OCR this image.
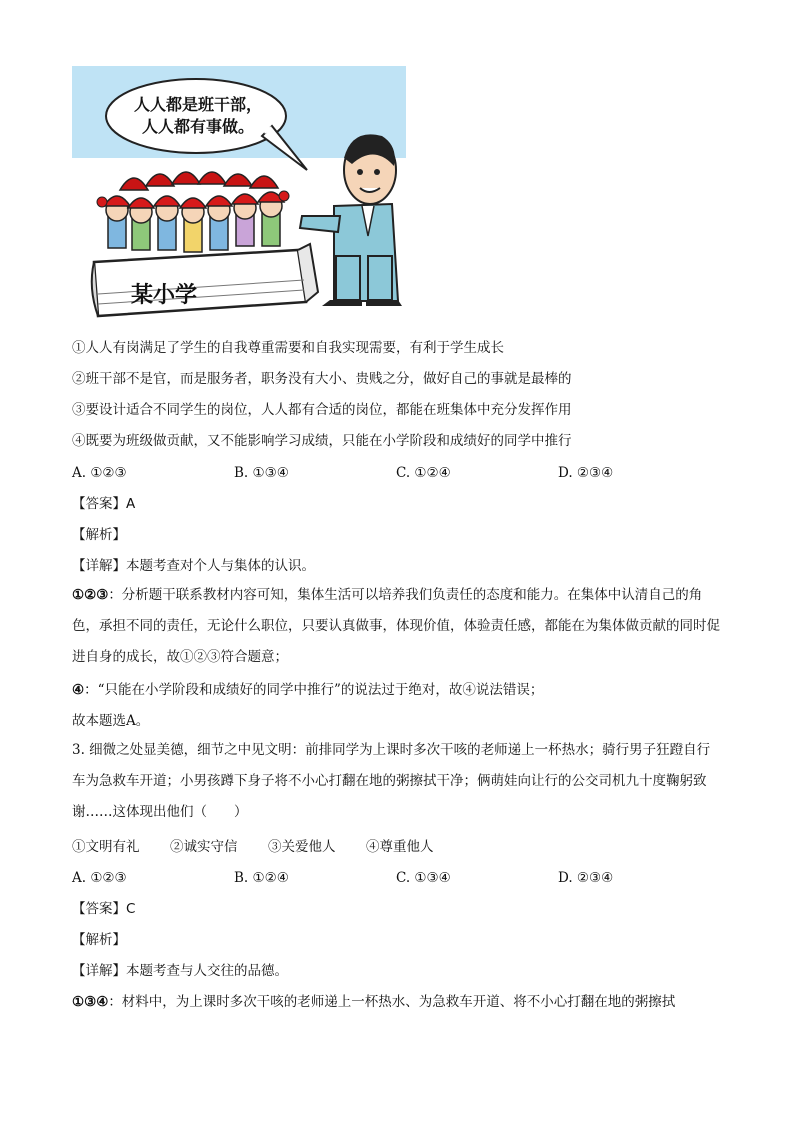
人人都是班干部，
人人都有事做。
某小学
①人人有岗满足了学生的自我尊重需要和自我实现需要，有利于学生成长
②班干部不是官，而是服务者，职务没有大小、贵贱之分，做好自己的事就是最棒的
③要设计适合不同学生的岗位，人人都有合适的岗位，都能在班集体中充分发挥作用
④既要为班级做贡献，又不能影响学习成绩，只能在小学阶段和成绩好的同学中推行
A. ①②③	B. ①③④	C. ①②④	D. ②③④
【答案】A
【解析】
【详解】本题考查对个人与集体的认识。
①②③：分析题干联系教材内容可知，集体生活可以培养我们负责任的态度和能力。在集体中认清自己的角色，承担不同的责任，无论什么职位，只要认真做事，体现价值，体验责任感，都能在为集体做贡献的同时促进自身的成长，故①②③符合题意；
④：“只能在小学阶段和成绩好的同学中推行”的说法过于绝对，故④说法错误；
故本题选A。
3. 细微之处显美德，细节之中见文明：前排同学为上课时多次干咳的老师递上一杯热水；骑行男子狂蹬自行车为急救车开道；小男孩蹲下身子将不小心打翻在地的粥擦拭干净；俩萌娃向让行的公交司机九十度鞠躬致谢……这体现出他们（　　）
①文明有礼 ②诚实守信 ③关爱他人 ④尊重他人
A. ①②③	B. ①②④	C. ①③④	D. ②③④
【答案】C
【解析】
【详解】本题考查与人交往的品德。
①③④：材料中，为上课时多次干咳的老师递上一杯热水、为急救车开道、将不小心打翻在地的粥擦拭
